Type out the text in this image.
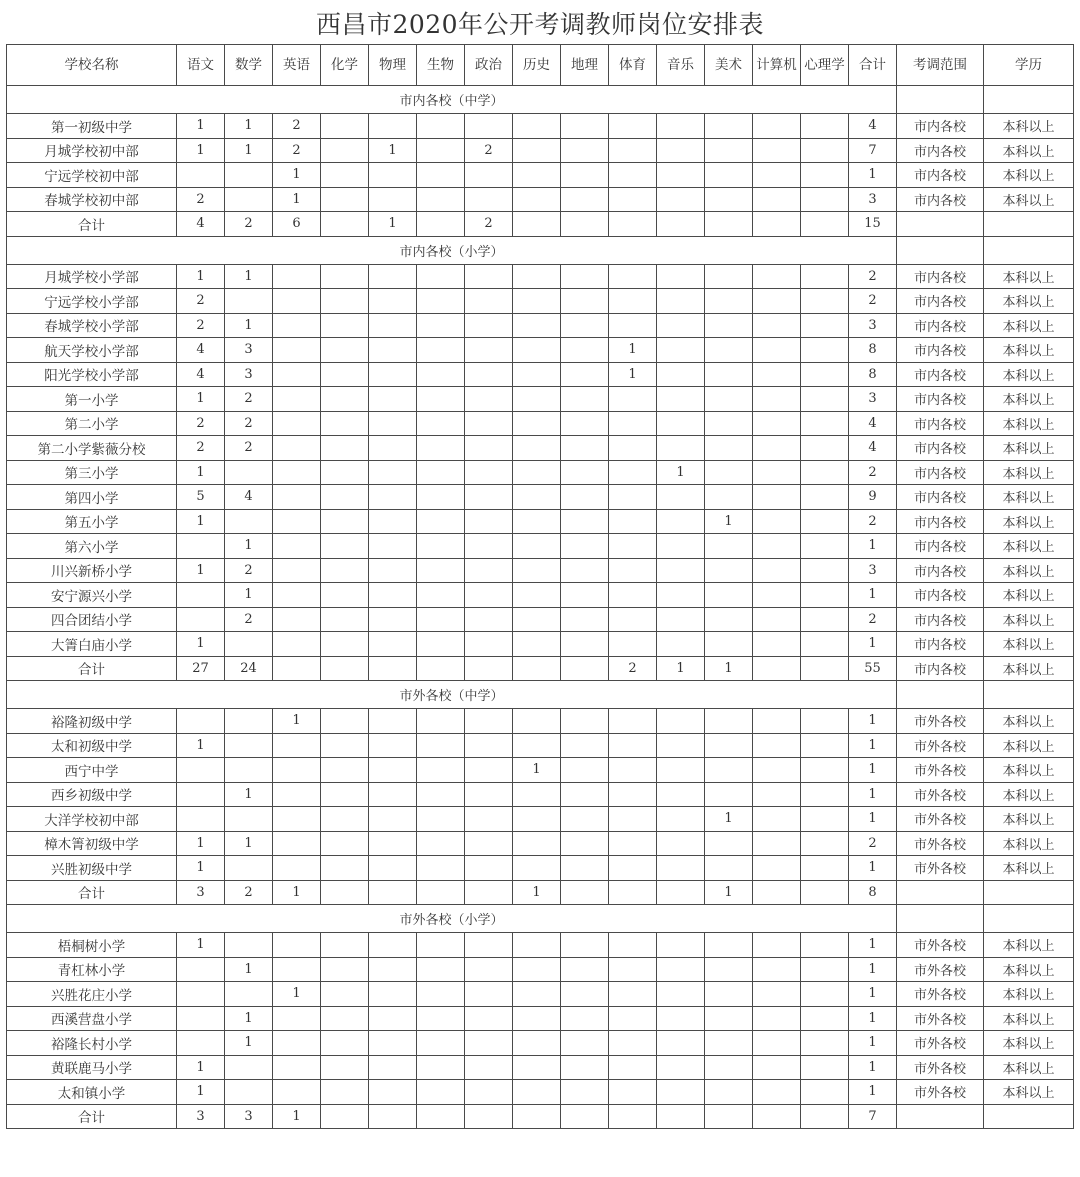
西昌市2020年公开考调教师岗位安排表
学校名称	语文	数学	英语	化学	物理	生物	政治	历史	地理	体育	音乐	美术	计算机	心理学	合计	考调范围	学历
市内各校（中学）																	
第一初级中学	1	1	2												4	市内各校	本科以上
月城学校初中部	1	1	2		1		2								7	市内各校	本科以上
宁远学校初中部			1												1	市内各校	本科以上
春城学校初中部	2		1												3	市内各校	本科以上
合计	4	2	6		1		2								15		
市内各校（小学）																	
月城学校小学部	1	1													2	市内各校	本科以上
宁远学校小学部	2														2	市内各校	本科以上
春城学校小学部	2	1													3	市内各校	本科以上
航天学校小学部	4	3								1					8	市内各校	本科以上
阳光学校小学部	4	3								1					8	市内各校	本科以上
第一小学	1	2													3	市内各校	本科以上
第二小学	2	2													4	市内各校	本科以上
第二小学紫薇分校	2	2													4	市内各校	本科以上
第三小学	1										1				2	市内各校	本科以上
第四小学	5	4													9	市内各校	本科以上
第五小学	1											1			2	市内各校	本科以上
第六小学		1													1	市内各校	本科以上
川兴新桥小学	1	2													3	市内各校	本科以上
安宁源兴小学		1													1	市内各校	本科以上
四合团结小学		2													2	市内各校	本科以上
大箐白庙小学	1														1	市内各校	本科以上
合计	27	24								2	1	1			55	市内各校	本科以上
市外各校（中学）																	
裕隆初级中学			1												1	市外各校	本科以上
太和初级中学	1														1	市外各校	本科以上
西宁中学								1							1	市外各校	本科以上
西乡初级中学		1													1	市外各校	本科以上
大洋学校初中部												1			1	市外各校	本科以上
樟木箐初级中学	1	1													2	市外各校	本科以上
兴胜初级中学	1														1	市外各校	本科以上
合计	3	2	1					1				1			8		
市外各校（小学）																	
梧桐树小学	1														1	市外各校	本科以上
青杠林小学		1													1	市外各校	本科以上
兴胜花庄小学			1												1	市外各校	本科以上
西溪营盘小学		1													1	市外各校	本科以上
裕隆长村小学		1													1	市外各校	本科以上
黄联鹿马小学	1														1	市外各校	本科以上
太和镇小学	1														1	市外各校	本科以上
合计	3	3	1												7		
